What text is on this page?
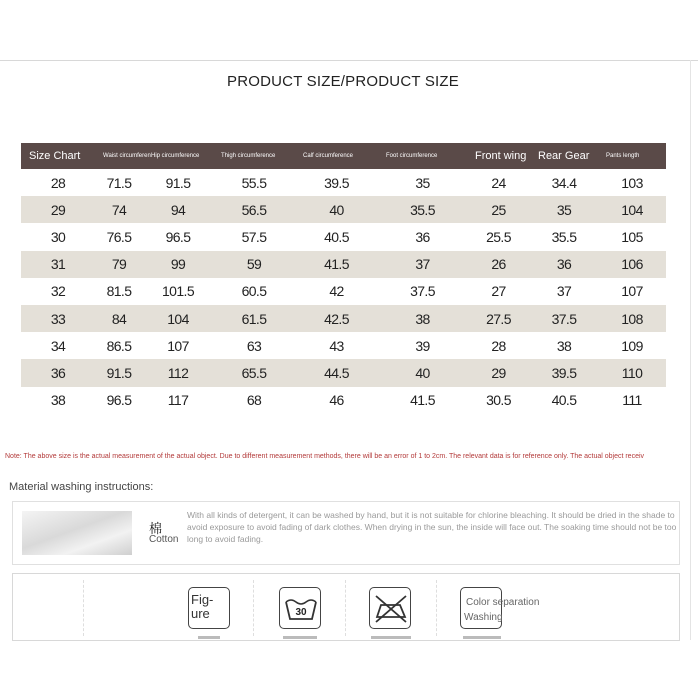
PRODUCT SIZE/PRODUCT SIZE
Size Chart	Waist circumferen	Hip circumference	Thigh circumference	Calf circumference	Foot circumference	Front wing	Rear Gear	Pants length
28	71.5	91.5	55.5	39.5	35	24	34.4	103
29	74	94	56.5	40	35.5	25	35	104
30	76.5	96.5	57.5	40.5	36	25.5	35.5	105
31	79	99	59	41.5	37	26	36	106
32	81.5	101.5	60.5	42	37.5	27	37	107
33	84	104	61.5	42.5	38	27.5	37.5	108
34	86.5	107	63	43	39	28	38	109
36	91.5	112	65.5	44.5	40	29	39.5	110
38	96.5	117	68	46	41.5	30.5	40.5	111
Note: The above size is the actual measurement of the actual object. Due to different measurement methods, there will be an error of 1 to 2cm. The relevant data is for reference only. The actual object receiv
Material washing instructions:
棉
Cotton
With all kinds of detergent, it can be washed by hand, but it is not suitable for chlorine bleaching. It should be dried in the shade to avoid exposure to avoid fading of dark clothes. When drying in the sun, the inside will face out. The soaking time should not be too long to avoid fading.
Fig-
ure	30
Color separation
Washing
